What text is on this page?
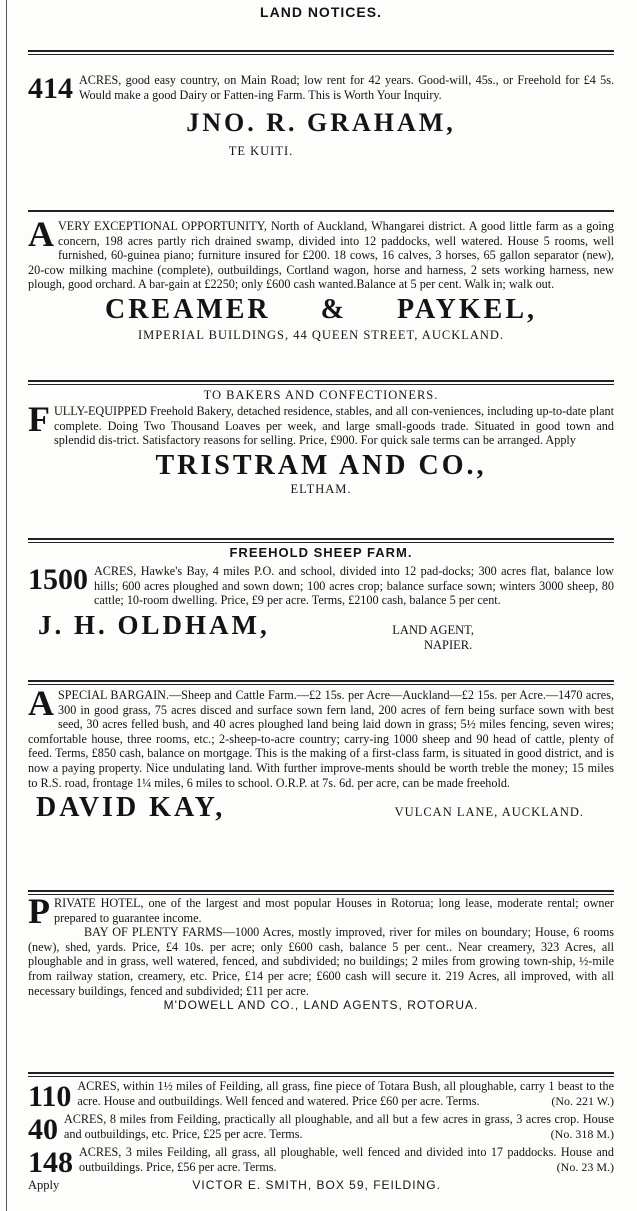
LAND NOTICES.

414 ACRES, good easy country, on Main Road; low rent for 42 years. Good-will, 45s., or Freehold for £4 5s. Would make a good Dairy or Fatten-ing Farm. This is Worth Your Inquiry.

JNO. R. GRAHAM,
TE KUITI.

AVERY EXCEPTIONAL OPPORTUNITY, North of Auckland, Whangarei district. A good little farm as a going concern, 198 acres partly rich drained swamp, divided into 12 paddocks, well watered. House 5 rooms, well furnished, 60-guinea piano; furniture insured for £200. 18 cows, 16 calves, 3 horses, 65 gallon separator (new), 20-cow milking machine (complete), outbuildings, Cortland wagon, horse and harness, 2 sets working harness, new plough, good orchard. A bar-gain at £2250; only £600 cash wanted.Balance at 5 per cent. Walk in; walk out.

CREAMER & PAYKEL,
IMPERIAL BUILDINGS, 44 QUEEN STREET, AUCKLAND.
TO BAKERS AND CONFECTIONERS.

FULLY-EQUIPPED Freehold Bakery, detached residence, stables, and all con-veniences, including up-to-date plant complete. Doing Two Thousand Loaves per week, and large small-goods trade. Situated in good town and splendid dis-trict. Satisfactory reasons for selling. Price, £900. For quick sale terms can be arranged. Apply

TRISTRAM AND CO.,
ELTHAM.
FREEHOLD SHEEP FARM.

1500 ACRES, Hawke's Bay, 4 miles P.O. and school, divided into 12 pad-docks; 300 acres flat, balance low hills; 600 acres ploughed and sown down; 100 acres crop; balance surface sown; winters 3000 sheep, 80 cattle; 10-room dwelling. Price, £9 per acre. Terms, £2100 cash, balance 5 per cent.

J. H. OLDHAM,	LAND AGENT,
NAPIER.

ASPECIAL BARGAIN.—Sheep and Cattle Farm.—£2 15s. per Acre—Auckland—£2 15s. per Acre.—1470 acres, 300 in good grass, 75 acres disced and surface sown fern land, 200 acres of fern being surface sown with best seed, 30 acres felled bush, and 40 acres ploughed land being laid down in grass; 5½ miles fencing, seven wires; comfortable house, three rooms, etc.; 2-sheep-to-acre country; carry-ing 1000 sheep and 90 head of cattle, plenty of feed. Terms, £850 cash, balance on mortgage. This is the making of a first-class farm, is situated in good district, and is now a paying property. Nice undulating land. With further improve-ments should be worth treble the money; 15 miles to R.S. road, frontage 1¼ miles, 6 miles to school. O.R.P. at 7s. 6d. per acre, can be made freehold.

DAVID KAY,	VULCAN LANE, AUCKLAND.

PRIVATE HOTEL, one of the largest and most popular Houses in Rotorua; long lease, moderate rental; owner prepared to guarantee income.

BAY OF PLENTY FARMS—1000 Acres, mostly improved, river for miles on boundary; House, 6 rooms (new), shed, yards. Price, £4 10s. per acre; only £600 cash, balance 5 per cent.. Near creamery, 323 Acres, all ploughable and in grass, well watered, fenced, and subdivided; no buildings; 2 miles from growing town-ship, ½-mile from railway station, creamery, etc. Price, £14 per acre; £600 cash will secure it. 219 Acres, all improved, with all necessary buildings, fenced and subdivided; £11 per acre.

M'DOWELL AND CO., LAND AGENTS, ROTORUA.

110 ACRES, within 1½ miles of Feilding, all grass, fine piece of Totara Bush, all ploughable, carry 1 beast to the acre. House and outbuildings. Well fenced and watered. Price £60 per acre. Terms.	(No. 221 W.)

40 ACRES, 8 miles from Feilding, practically all ploughable, and all but a few acres in grass, 3 acres crop. House and outbuildings, etc. Price, £25 per acre. Terms.	(No. 318 M.)

148 ACRES, 3 miles Feilding, all grass, all ploughable, well fenced and divided into 17 paddocks. House and outbuildings. Price, £56 per acre. Terms.	(No. 23 M.)

Apply	VICTOR E. SMITH, BOX 59, FEILDING.
